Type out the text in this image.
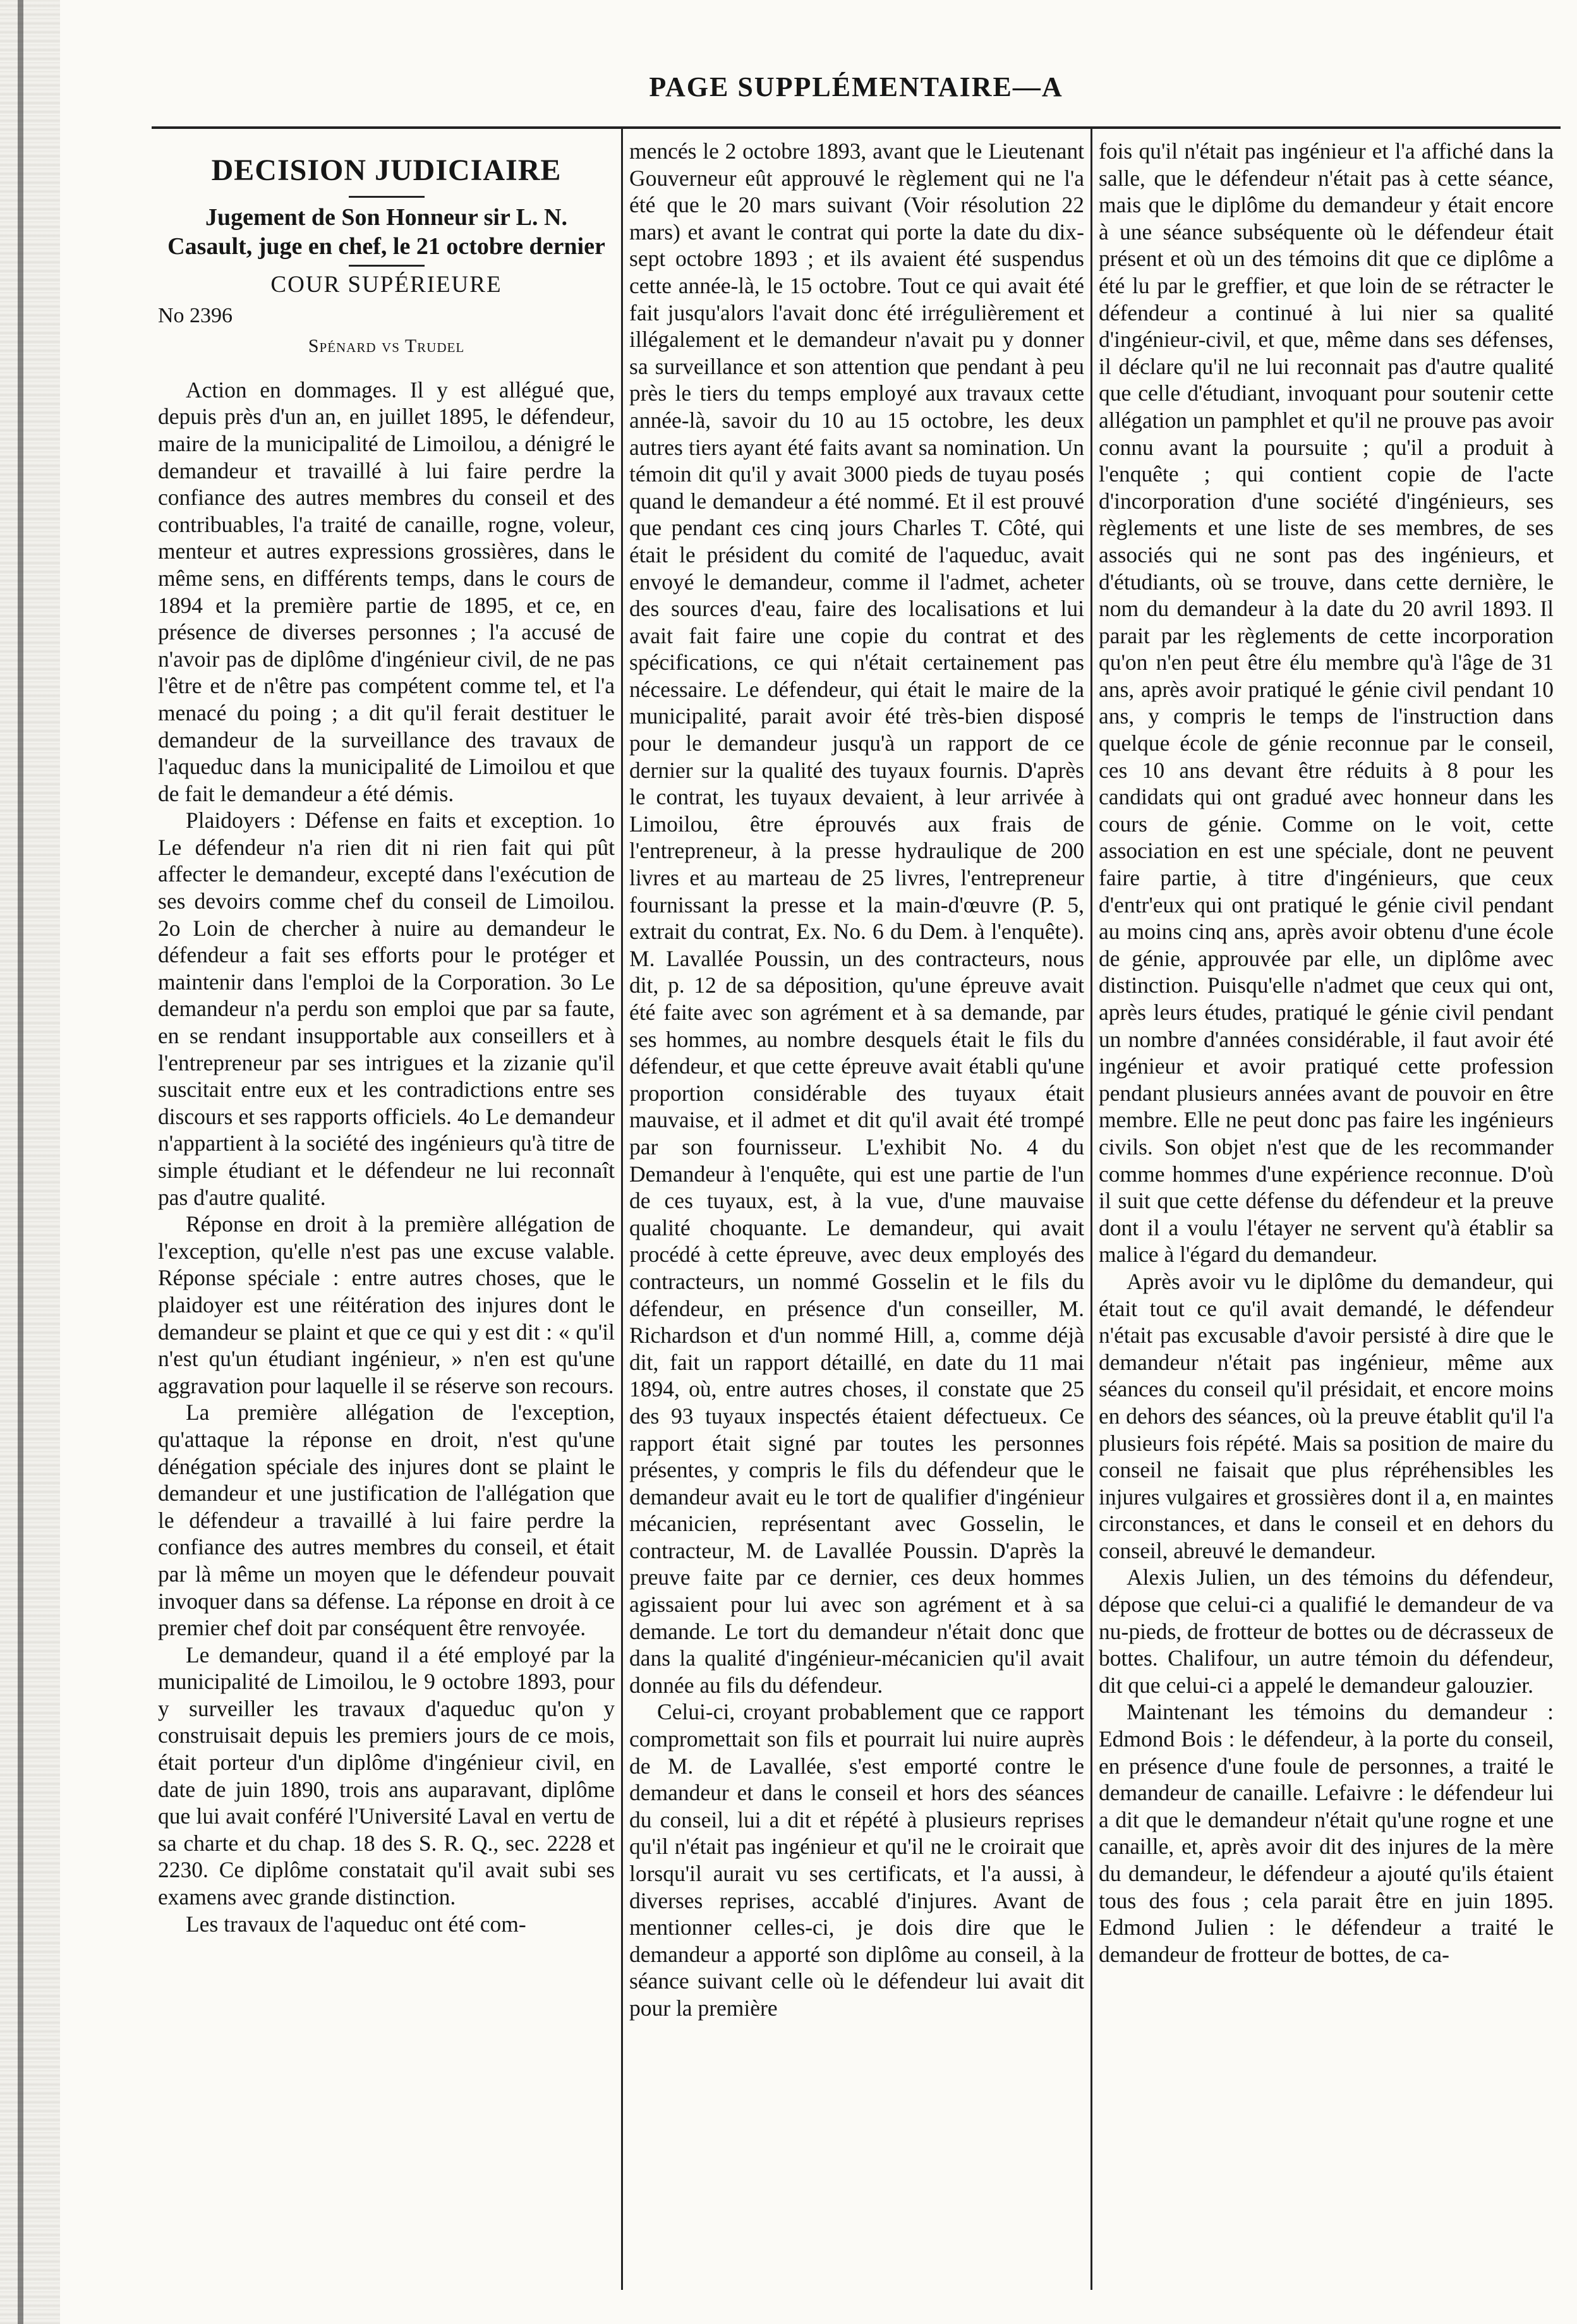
PAGE SUPPLÉMENTAIRE—A
DECISION JUDICIAIRE
Jugement de Son Honneur sir L. N. Casault, juge en chef, le 21 octobre dernier
COUR SUPÉRIEURE
No 2396
Spénard vs Trudel

Action en dommages. Il y est allégué que, depuis près d'un an, en juillet 1895, le défendeur, maire de la municipalité de Limoilou, a dénigré le demandeur et travaillé à lui faire perdre la confiance des autres membres du conseil et des contribuables, l'a traité de canaille, rogne, voleur, menteur et autres expressions grossières, dans le même sens, en différents temps, dans le cours de 1894 et la première partie de 1895, et ce, en présence de diverses personnes ; l'a accusé de n'avoir pas de diplôme d'ingénieur civil, de ne pas l'être et de n'être pas compétent comme tel, et l'a menacé du poing ; a dit qu'il ferait destituer le demandeur de la surveillance des travaux de l'aqueduc dans la municipalité de Limoilou et que de fait le demandeur a été démis.

Plaidoyers : Défense en faits et exception. 1o Le défendeur n'a rien dit ni rien fait qui pût affecter le demandeur, excepté dans l'exécution de ses devoirs comme chef du conseil de Limoilou. 2o Loin de chercher à nuire au demandeur le défendeur a fait ses efforts pour le protéger et maintenir dans l'emploi de la Corporation. 3o Le demandeur n'a perdu son emploi que par sa faute, en se rendant insupportable aux conseillers et à l'entrepreneur par ses intrigues et la zizanie qu'il suscitait entre eux et les contradictions entre ses discours et ses rapports officiels. 4o Le demandeur n'appartient à la société des ingénieurs qu'à titre de simple étudiant et le défendeur ne lui reconnaît pas d'autre qualité.

Réponse en droit à la première allégation de l'exception, qu'elle n'est pas une excuse valable. Réponse spéciale : entre autres choses, que le plaidoyer est une réitération des injures dont le demandeur se plaint et que ce qui y est dit : « qu'il n'est qu'un étudiant ingénieur, » n'en est qu'une aggravation pour laquelle il se réserve son recours.

La première allégation de l'exception, qu'attaque la réponse en droit, n'est qu'une dénégation spéciale des injures dont se plaint le demandeur et une justification de l'allégation que le défendeur a travaillé à lui faire perdre la confiance des autres membres du conseil, et était par là même un moyen que le défendeur pouvait invoquer dans sa défense. La réponse en droit à ce premier chef doit par conséquent être renvoyée.

Le demandeur, quand il a été employé par la municipalité de Limoilou, le 9 octobre 1893, pour y surveiller les travaux d'aqueduc qu'on y construisait depuis les premiers jours de ce mois, était porteur d'un diplôme d'ingénieur civil, en date de juin 1890, trois ans auparavant, diplôme que lui avait conféré l'Université Laval en vertu de sa charte et du chap. 18 des S. R. Q., sec. 2228 et 2230. Ce diplôme constatait qu'il avait subi ses examens avec grande distinction.

Les travaux de l'aqueduc ont été com-

mencés le 2 octobre 1893, avant que le Lieutenant Gouverneur eût approuvé le règlement qui ne l'a été que le 20 mars suivant (Voir résolution 22 mars) et avant le contrat qui porte la date du dix-sept octobre 1893 ; et ils avaient été suspendus cette année-là, le 15 octobre. Tout ce qui avait été fait jusqu'alors l'avait donc été irrégulièrement et illégalement et le demandeur n'avait pu y donner sa surveillance et son attention que pendant à peu près le tiers du temps employé aux travaux cette année-là, savoir du 10 au 15 octobre, les deux autres tiers ayant été faits avant sa nomination. Un témoin dit qu'il y avait 3000 pieds de tuyau posés quand le demandeur a été nommé. Et il est prouvé que pendant ces cinq jours Charles T. Côté, qui était le président du comité de l'aqueduc, avait envoyé le demandeur, comme il l'admet, acheter des sources d'eau, faire des localisations et lui avait fait faire une copie du contrat et des spécifications, ce qui n'était certainement pas nécessaire. Le défendeur, qui était le maire de la municipalité, parait avoir été très-bien disposé pour le demandeur jusqu'à un rapport de ce dernier sur la qualité des tuyaux fournis. D'après le contrat, les tuyaux devaient, à leur arrivée à Limoilou, être éprouvés aux frais de l'entrepreneur, à la presse hydraulique de 200 livres et au marteau de 25 livres, l'entrepreneur fournissant la presse et la main-d'œuvre (P. 5, extrait du contrat, Ex. No. 6 du Dem. à l'enquête). M. Lavallée Poussin, un des contracteurs, nous dit, p. 12 de sa déposition, qu'une épreuve avait été faite avec son agrément et à sa demande, par ses hommes, au nombre desquels était le fils du défendeur, et que cette épreuve avait établi qu'une proportion considérable des tuyaux était mauvaise, et il admet et dit qu'il avait été trompé par son fournisseur. L'exhibit No. 4 du Demandeur à l'enquête, qui est une partie de l'un de ces tuyaux, est, à la vue, d'une mauvaise qualité choquante. Le demandeur, qui avait procédé à cette épreuve, avec deux employés des contracteurs, un nommé Gosselin et le fils du défendeur, en présence d'un conseiller, M. Richardson et d'un nommé Hill, a, comme déjà dit, fait un rapport détaillé, en date du 11 mai 1894, où, entre autres choses, il constate que 25 des 93 tuyaux inspectés étaient défectueux. Ce rapport était signé par toutes les personnes présentes, y compris le fils du défendeur que le demandeur avait eu le tort de qualifier d'ingénieur mécanicien, représentant avec Gosselin, le contracteur, M. de Lavallée Poussin. D'après la preuve faite par ce dernier, ces deux hommes agissaient pour lui avec son agrément et à sa demande. Le tort du demandeur n'était donc que dans la qualité d'ingénieur-mécanicien qu'il avait donnée au fils du défendeur.

Celui-ci, croyant probablement que ce rapport compromettait son fils et pourrait lui nuire auprès de M. de Lavallée, s'est emporté contre le demandeur et dans le conseil et hors des séances du conseil, lui a dit et répété à plusieurs reprises qu'il n'était pas ingénieur et qu'il ne le croirait que lorsqu'il aurait vu ses certificats, et l'a aussi, à diverses reprises, accablé d'injures. Avant de mentionner celles-ci, je dois dire que le demandeur a apporté son diplôme au conseil, à la séance suivant celle où le défendeur lui avait dit pour la première

fois qu'il n'était pas ingénieur et l'a affiché dans la salle, que le défendeur n'était pas à cette séance, mais que le diplôme du demandeur y était encore à une séance subséquente où le défendeur était présent et où un des témoins dit que ce diplôme a été lu par le greffier, et que loin de se rétracter le défendeur a continué à lui nier sa qualité d'ingénieur-civil, et que, même dans ses défenses, il déclare qu'il ne lui reconnait pas d'autre qualité que celle d'étudiant, invoquant pour soutenir cette allégation un pamphlet et qu'il ne prouve pas avoir connu avant la poursuite ; qu'il a produit à l'enquête ; qui contient copie de l'acte d'incorporation d'une société d'ingénieurs, ses règlements et une liste de ses membres, de ses associés qui ne sont pas des ingénieurs, et d'étudiants, où se trouve, dans cette dernière, le nom du demandeur à la date du 20 avril 1893. Il parait par les règlements de cette incorporation qu'on n'en peut être élu membre qu'à l'âge de 31 ans, après avoir pratiqué le génie civil pendant 10 ans, y compris le temps de l'instruction dans quelque école de génie reconnue par le conseil, ces 10 ans devant être réduits à 8 pour les candidats qui ont gradué avec honneur dans les cours de génie. Comme on le voit, cette association en est une spéciale, dont ne peuvent faire partie, à titre d'ingénieurs, que ceux d'entr'eux qui ont pratiqué le génie civil pendant au moins cinq ans, après avoir obtenu d'une école de génie, approuvée par elle, un diplôme avec distinction. Puisqu'elle n'admet que ceux qui ont, après leurs études, pratiqué le génie civil pendant un nombre d'années considérable, il faut avoir été ingénieur et avoir pratiqué cette profession pendant plusieurs années avant de pouvoir en être membre. Elle ne peut donc pas faire les ingénieurs civils. Son objet n'est que de les recommander comme hommes d'une expérience reconnue. D'où il suit que cette défense du défendeur et la preuve dont il a voulu l'étayer ne servent qu'à établir sa malice à l'égard du demandeur.

Après avoir vu le diplôme du demandeur, qui était tout ce qu'il avait demandé, le défendeur n'était pas excusable d'avoir persisté à dire que le demandeur n'était pas ingénieur, même aux séances du conseil qu'il présidait, et encore moins en dehors des séances, où la preuve établit qu'il l'a plusieurs fois répété. Mais sa position de maire du conseil ne faisait que plus répréhensibles les injures vulgaires et grossières dont il a, en maintes circonstances, et dans le conseil et en dehors du conseil, abreuvé le demandeur.

Alexis Julien, un des témoins du défendeur, dépose que celui-ci a qualifié le demandeur de va nu-pieds, de frotteur de bottes ou de décrasseux de bottes. Chalifour, un autre témoin du défendeur, dit que celui-ci a appelé le demandeur galouzier.

Maintenant les témoins du demandeur : Edmond Bois : le défendeur, à la porte du conseil, en présence d'une foule de personnes, a traité le demandeur de canaille. Lefaivre : le défendeur lui a dit que le demandeur n'était qu'une rogne et une canaille, et, après avoir dit des injures de la mère du demandeur, le défendeur a ajouté qu'ils étaient tous des fous ; cela parait être en juin 1895. Edmond Julien : le défendeur a traité le demandeur de frotteur de bottes, de ca-
